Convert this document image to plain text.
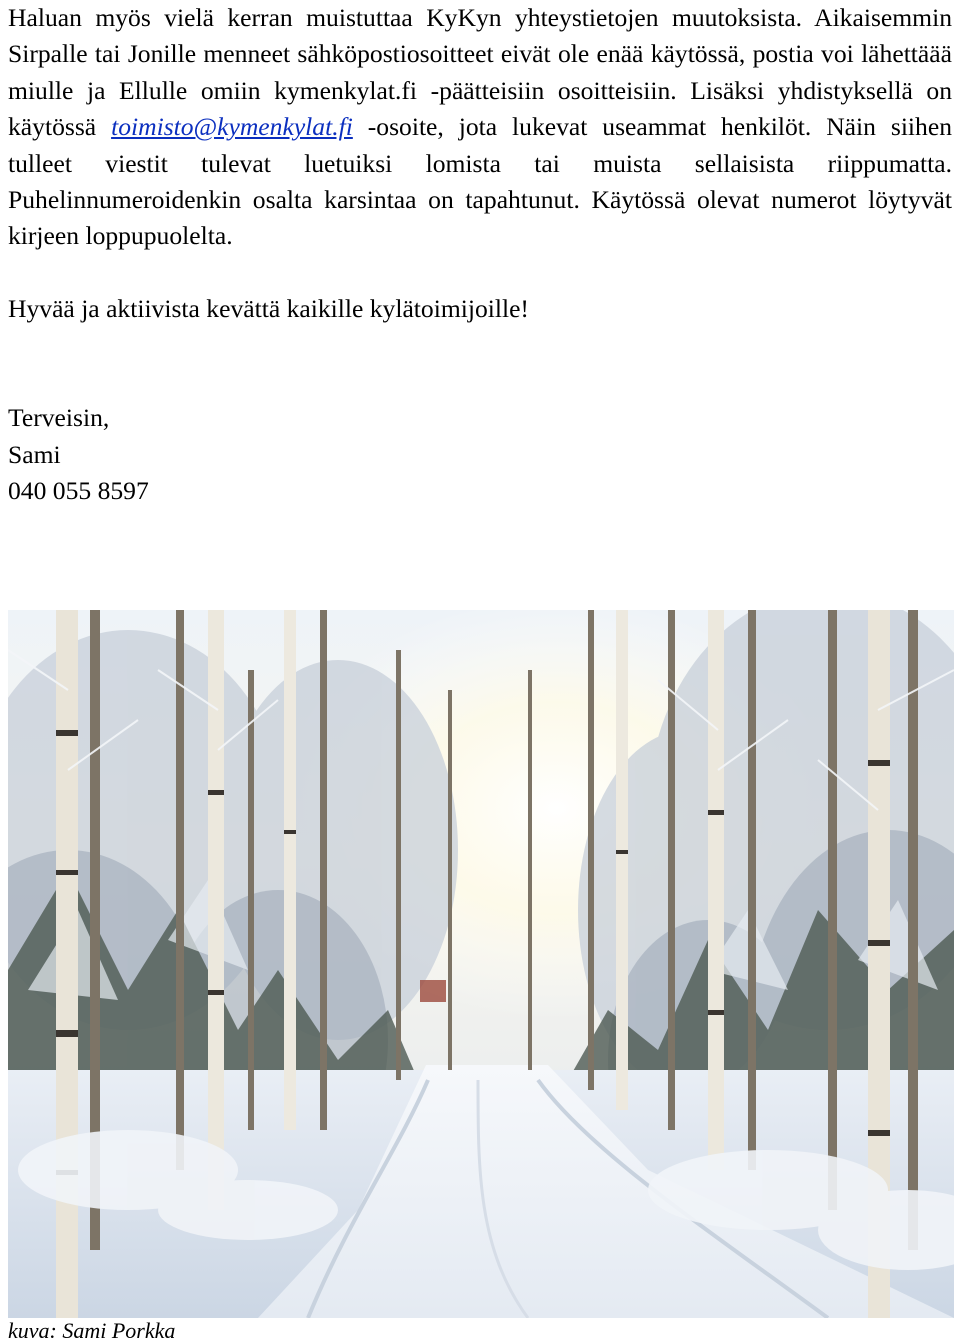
Haluan myös vielä kerran muistuttaa KyKyn yhteystietojen muutoksista. Aikaisemmin Sirpalle tai Jonille menneet sähköpostiosoitteet eivät ole enää käytössä, postia voi lähettäää miulle ja Ellulle omiin kymenkylat.fi -päätteisiin osoitteisiin. Lisäksi yhdistyksellä on käytössä toimisto@kymenkylat.fi -osoite, jota lukevat useammat henkilöt. Näin siihen tulleet viestit tulevat luetuiksi lomista tai muista sellaisista riippumatta. Puhelinnumeroidenkin osalta karsintaa on tapahtunut. Käytössä olevat numerot löytyvät kirjeen loppupuolelta.

Hyvää ja aktiivista kevättä kaikille kylätoimijoille!

Terveisin,

Sami

040 055 8597

kuva: Sami Porkka
